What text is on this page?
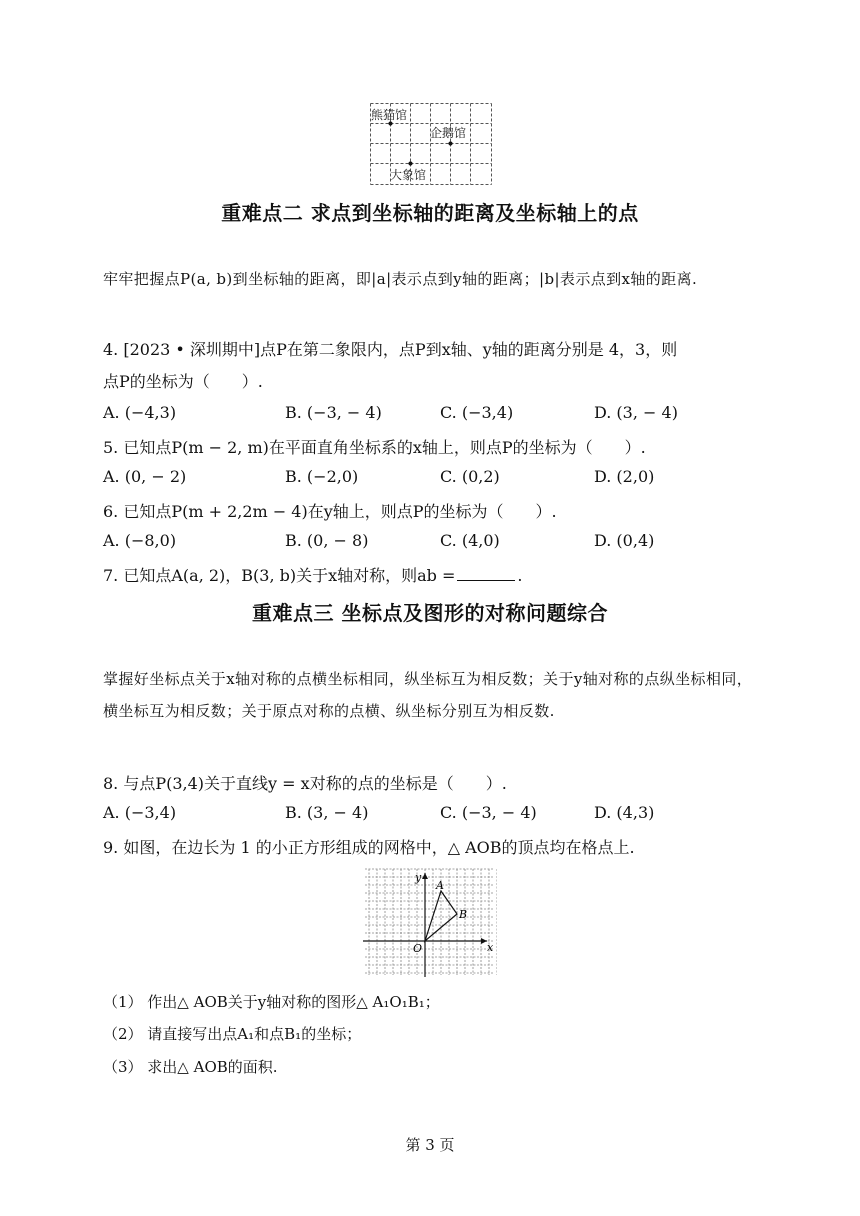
熊猫馆
企鹅馆
大象馆
重难点二 求点到坐标轴的距离及坐标轴上的点
牢牢把握点P(a, b)到坐标轴的距离，即|a|表示点到y轴的距离；|b|表示点到x轴的距离.
4. [2023 • 深圳期中]点P在第二象限内，点P到x轴、y轴的距离分别是 4，3，则
点P的坐标为（　　）.
A. (−4,3)	B. (−3, − 4)	C. (−3,4)	D. (3, − 4)
5. 已知点P(m − 2, m)在平面直角坐标系的x轴上，则点P的坐标为（　　）.
A. (0, − 2)	B. (−2,0)	C. (0,2)	D. (2,0)
6. 已知点P(m + 2,2m − 4)在y轴上，则点P的坐标为（　　）.
A. (−8,0)	B. (0, − 8)	C. (4,0)	D. (0,4)
7. 已知点A(a, 2)，B(3, b)关于x轴对称，则ab =	.
重难点三 坐标点及图形的对称问题综合
掌握好坐标点关于x轴对称的点横坐标相同，纵坐标互为相反数；关于y轴对称的点纵坐标相同，横坐标互为相反数；关于原点对称的点横、纵坐标分别互为相反数.
8. 与点P(3,4)关于直线y = x对称的点的坐标是（　　）.
A. (−3,4)	B. (3, − 4)	C. (−3, − 4)	D. (4,3)
9. 如图，在边长为 1 的小正方形组成的网格中，△ AOB的顶点均在格点上.
y
x
O
A
B
（1） 作出△ AOB关于y轴对称的图形△ A₁O₁B₁；
（2） 请直接写出点A₁和点B₁的坐标；
（3） 求出△ AOB的面积.
第 3 页
